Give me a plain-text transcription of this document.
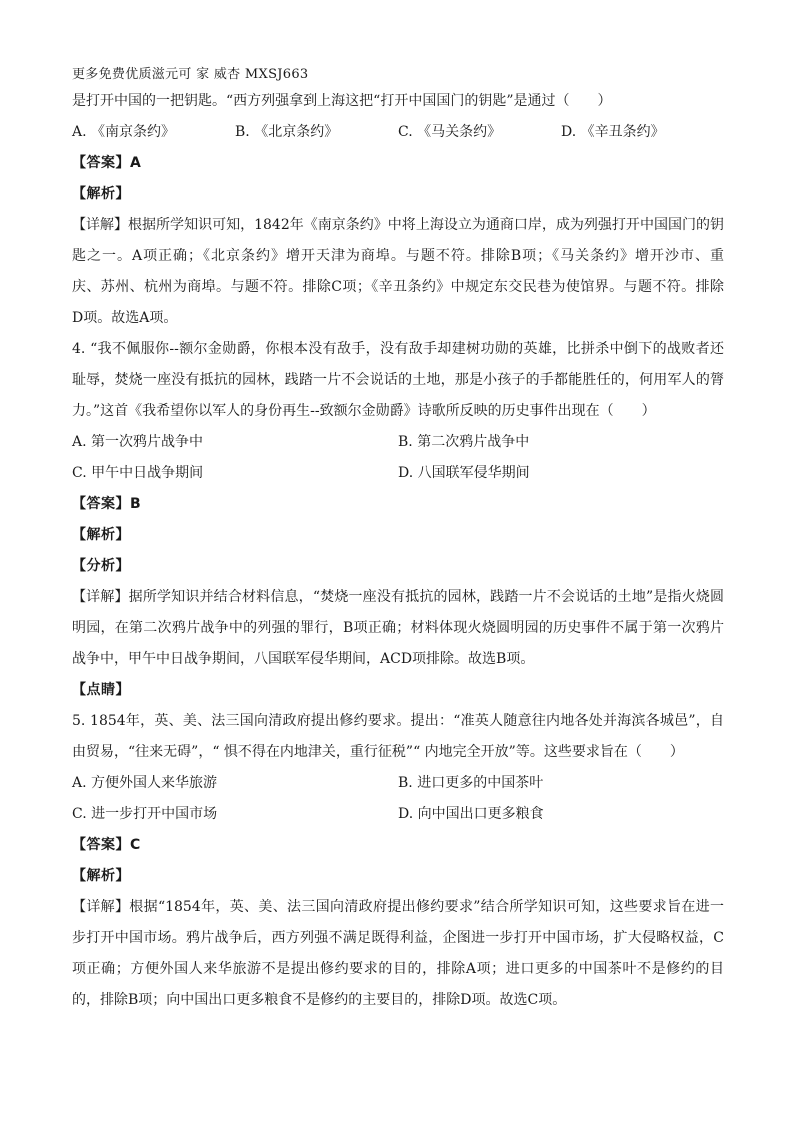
更多免费优质滋元可 家 威杏 MXSJ663
是打开中国的一把钥匙。“西方列强拿到上海这把“打开中国国门的钥匙”是通过（　　）
A. 《南京条约》	B. 《北京条约》	C. 《马关条约》	D. 《辛丑条约》
【答案】A
【解析】
【详解】根据所学知识可知，1842年《南京条约》中将上海设立为通商口岸，成为列强打开中国国门的钥
匙之一。A项正确；《北京条约》增开天津为商埠。与题不符。排除B项；《马关条约》增开沙市、重
庆、苏州、杭州为商埠。与题不符。排除C项；《辛丑条约》中规定东交民巷为使馆界。与题不符。排除
D项。故选A项。
4. “我不佩服你--额尔金勋爵，你根本没有敌手，没有敌手却建树功勋的英雄，比拼杀中倒下的战败者还
耻辱，焚烧一座没有抵抗的园林，践踏一片不会说话的土地，那是小孩子的手都能胜任的，何用军人的膂
力。”这首《我希望你以军人的身份再生--致额尔金勋爵》诗歌所反映的历史事件出现在（　　）
A. 第一次鸦片战争中	B. 第二次鸦片战争中
C. 甲午中日战争期间	D. 八国联军侵华期间
【答案】B
【解析】
【分析】
【详解】据所学知识并结合材料信息，“焚烧一座没有抵抗的园林，践踏一片不会说话的土地”是指火烧圆
明园，在第二次鸦片战争中的列强的罪行，B项正确；材料体现火烧圆明园的历史事件不属于第一次鸦片
战争中，甲午中日战争期间，八国联军侵华期间，ACD项排除。故选B项。
【点睛】
5. 1854年，英、美、法三国向清政府提出修约要求。提出：“准英人随意往内地各处并海滨各城邑”，自
由贸易，“往来无碍”，“ 惧不得在内地津关，重行征税”“ 内地完全开放”等。这些要求旨在（　　）
A. 方便外国人来华旅游	B. 进口更多的中国茶叶
C. 进一步打开中国市场	D. 向中国出口更多粮食
【答案】C
【解析】
【详解】根据“1854年，英、美、法三国向清政府提出修约要求”结合所学知识可知，这些要求旨在进一
步打开中国市场。鸦片战争后，西方列强不满足既得利益，企图进一步打开中国市场，扩大侵略权益，C
项正确；方便外国人来华旅游不是提出修约要求的目的，排除A项；进口更多的中国茶叶不是修约的目
的，排除B项；向中国出口更多粮食不是修约的主要目的，排除D项。故选C项。
